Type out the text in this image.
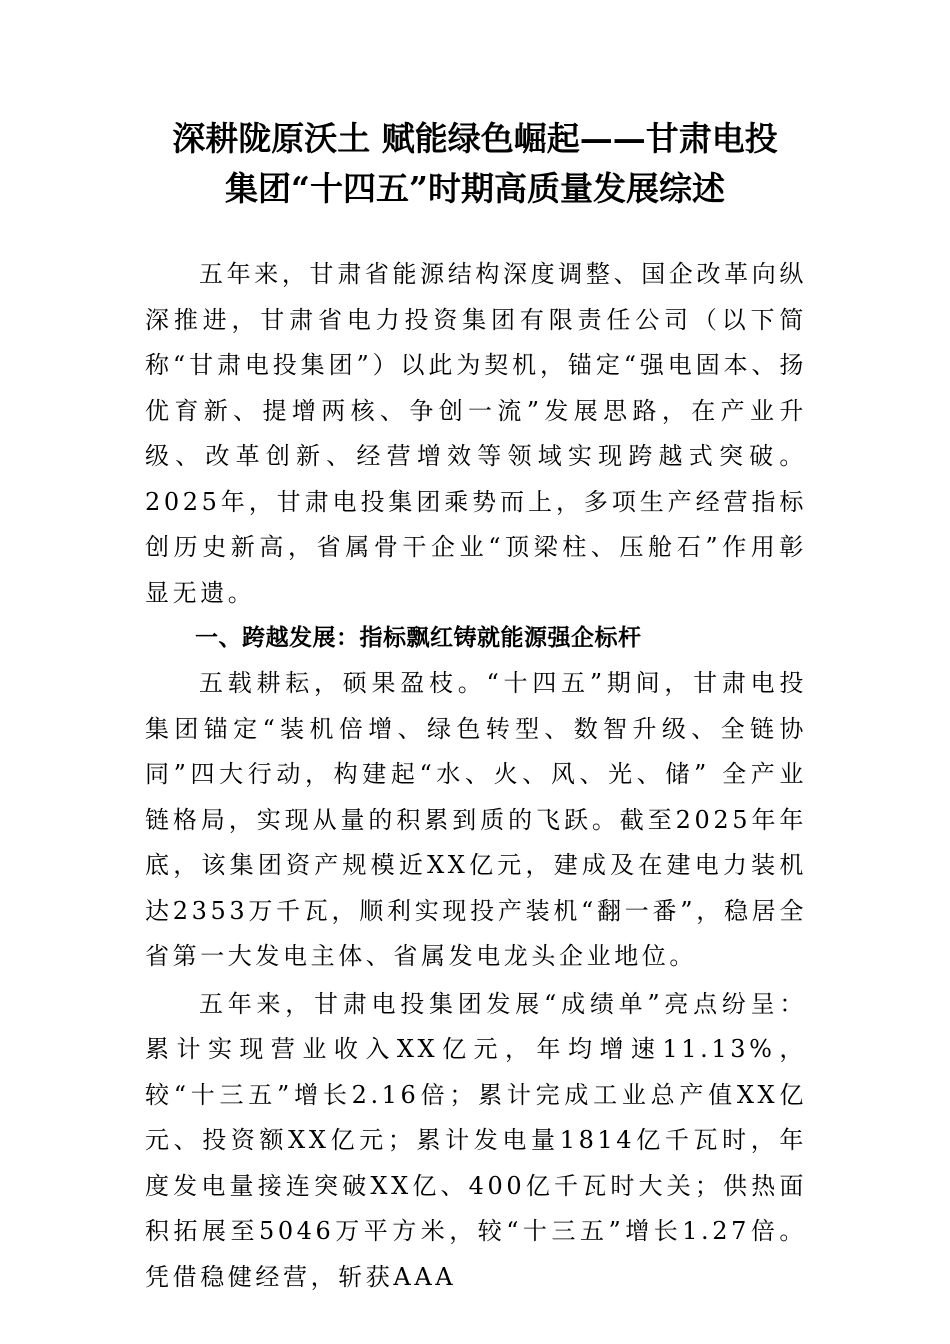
深耕陇原沃土 赋能绿色崛起——甘肃电投
集团“十四五”时期高质量发展综述

五年来，甘肃省能源结构深度调整、国企改革向纵深推进，甘肃省电力投资集团有限责任公司（以下简称“甘肃电投集团”）以此为契机，锚定“强电固本、扬优育新、提增两核、争创一流”发展思路，在产业升级、改革创新、经营增效等领域实现跨越式突破。2025年，甘肃电投集团乘势而上，多项生产经营指标创历史新高，省属骨干企业“顶梁柱、压舱石”作用彰显无遗。

一、跨越发展：指标飘红铸就能源强企标杆

五载耕耘，硕果盈枝。“十四五”期间，甘肃电投集团锚定“装机倍增、绿色转型、数智升级、全链协同”四大行动，构建起“水、火、风、光、储” 全产业链格局，实现从量的积累到质的飞跃。截至2025年年底，该集团资产规模近XX亿元，建成及在建电力装机达2353万千瓦，顺利实现投产装机“翻一番”，稳居全省第一大发电主体、省属发电龙头企业地位。

五年来，甘肃电投集团发展“成绩单”亮点纷呈：累计实现营业收入XX亿元，年均增速11.13%，较“十三五”增长2.16倍；累计完成工业总产值XX亿元、投资额XX亿元；累计发电量1814亿千瓦时，年度发电量接连突破XX亿、400亿千瓦时大关；供热面积拓展至5046万平方米，较“十三五”增长1.27倍。凭借稳健经营，斩获AAA
